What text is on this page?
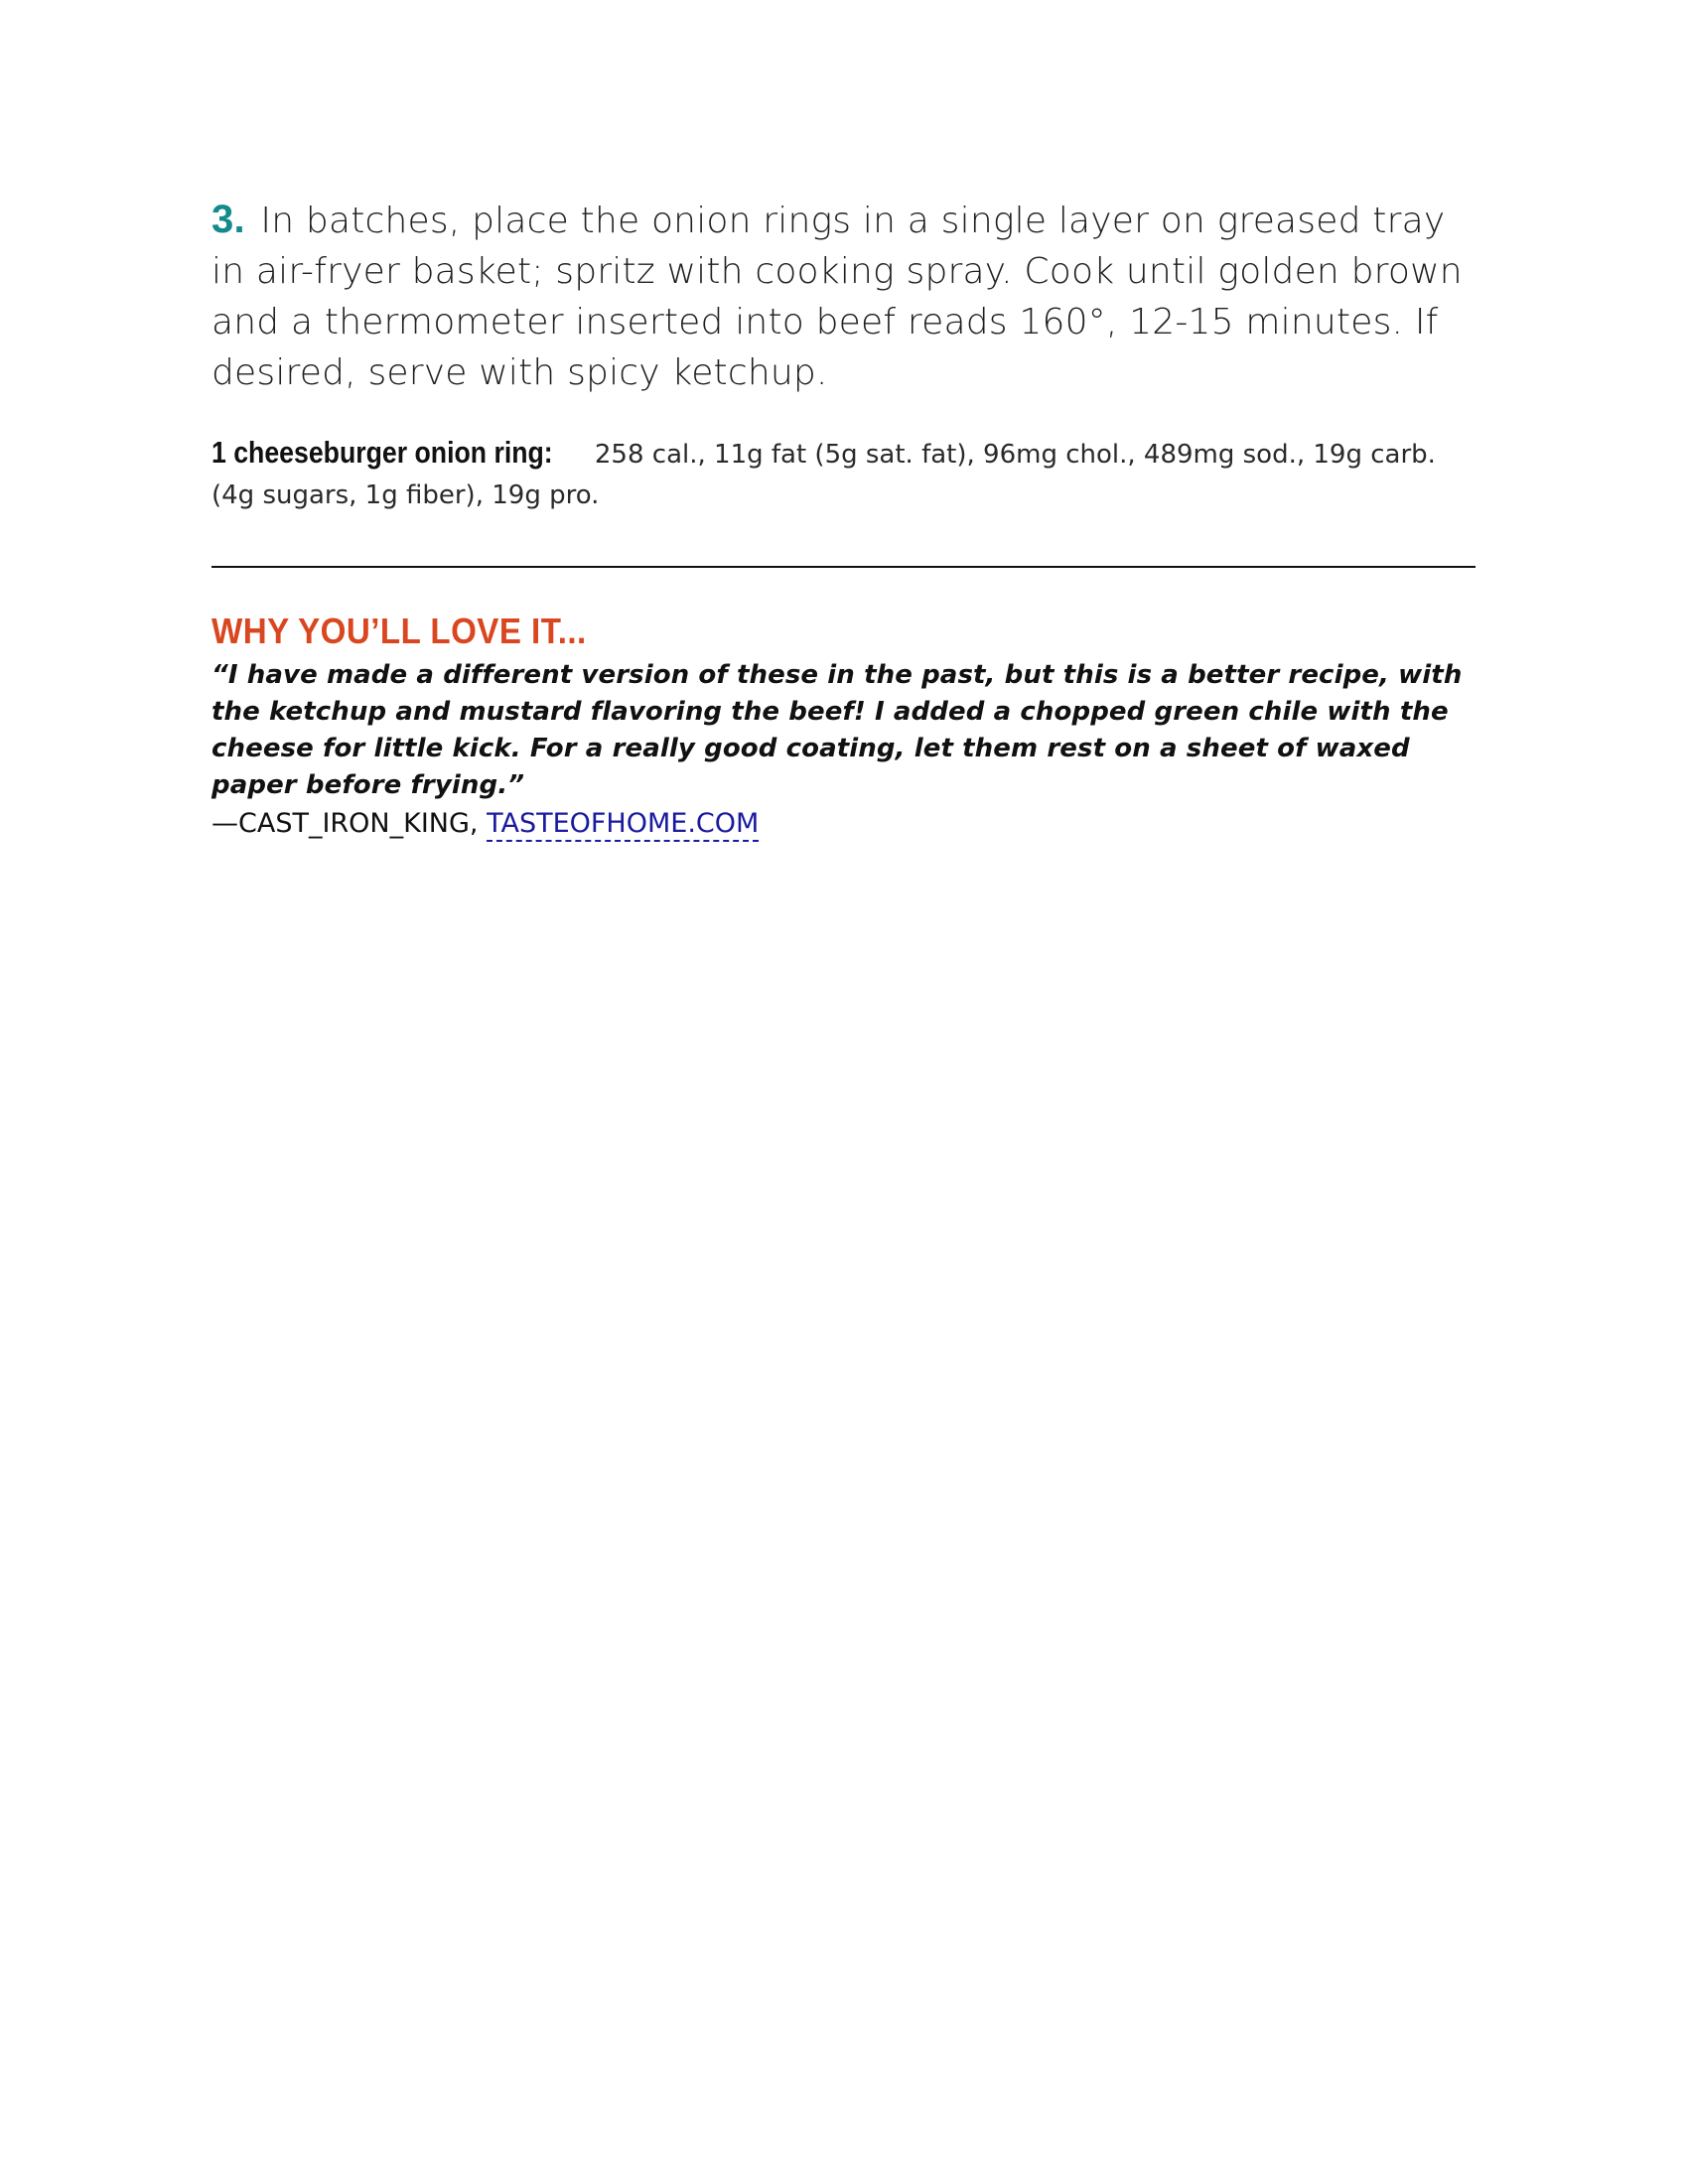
3. In batches, place the onion rings in a single layer on greased tray in air-fryer basket; spritz with cooking spray. Cook until golden brown and a thermometer inserted into beef reads 160°, 12-15 minutes. If desired, serve with spicy ketchup.

1 cheeseburger onion ring: 258 cal., 11g fat (5g sat. fat), 96mg chol., 489mg sod., 19g carb. (4g sugars, 1g fiber), 19g pro.
WHY YOU’LL LOVE IT...
“I have made a different version of these in the past, but this is a better recipe, with the ketchup and mustard flavoring the beef! I added a chopped green chile with the cheese for little kick. For a really good coating, let them rest on a sheet of waxed paper before frying.”
—CAST_IRON_KING, TASTEOFHOME.COM
